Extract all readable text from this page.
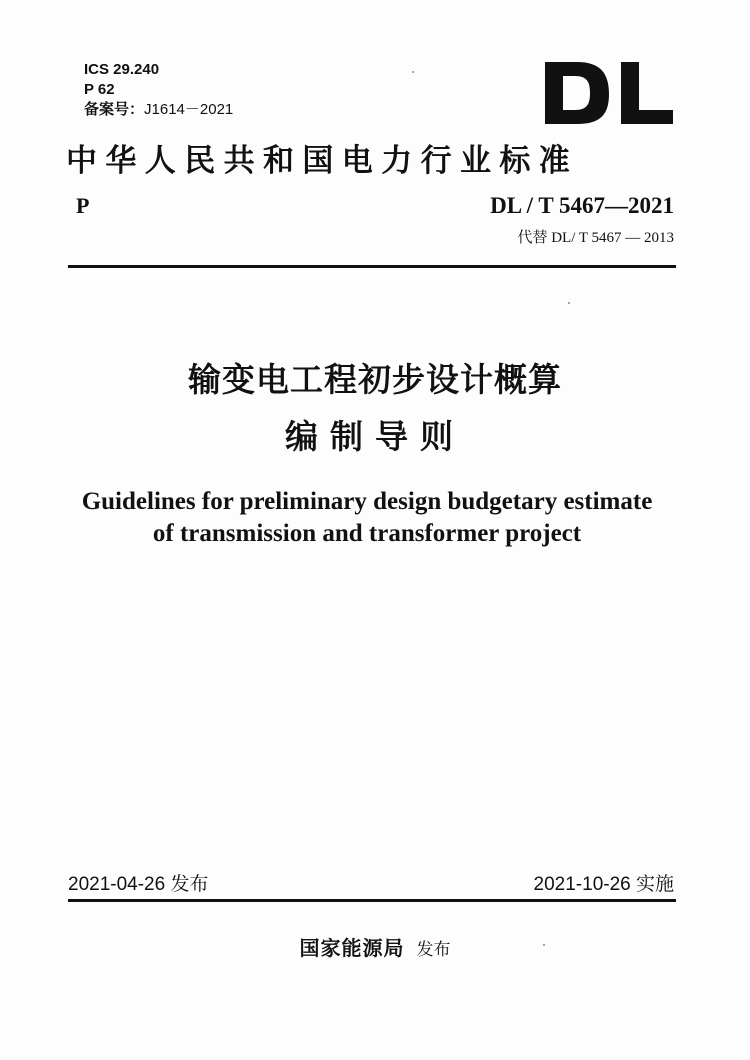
ICS 29.240
P 62
备案号：J1614－2021
中华人民共和国电力行业标准
P	DL / T 5467—2021
代替 DL/ T 5467 — 2013
输变电工程初步设计概算
编制导则
Guidelines for preliminary design budgetary estimate
of transmission and transformer project
2021-04-26 发布	2021-10-26 实施
国家能源局 发布
